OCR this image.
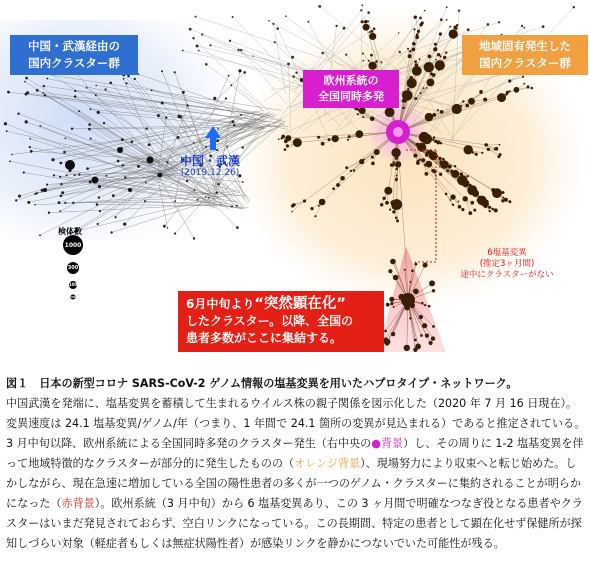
中国・武漢経由の
国内クラスター群
地域固有発生した
国内クラスター群
欧州系統の
全国同時多発
中国・武漢
(2019.12.26)
検体数
1000
300
100
30
6塩基変異
(推定3ヶ月間)
途中にクラスターがない
6月中旬より“突然顕在化”
したクラスター。以降、全国の
患者多数がここに集結する。
図１　日本の新型コロナ SARS-CoV-2 ゲノム情報の塩基変異を用いたハプロタイプ・ネットワーク。
中国武漢を発端に、塩基変異を蓄積して生まれるウイルス株の親子関係を図示化した（2020 年 7 月 16 日現在）。変異速度は 24.1 塩基変異/ゲノム/年（つまり、1 年間で 24.1 箇所の変異が見込まれる）であると推定されている。3 月中旬以降、欧州系統による全国同時多発のクラスター発生（右中央の●背景）し、その周りに 1-2 塩基変異を伴って地域特徴的なクラスターが部分的に発生したものの（オレンジ背景）、現場努力により収束へと転じ始めた。しかしながら、現在急速に増加している全国の陽性患者の多くが一つのゲノム・クラスターに集約されることが明らかになった（赤背景）。欧州系統（3 月中旬）から 6 塩基変異あり、この 3 ヶ月間で明確なつなぎ役となる患者やクラスターはいまだ発見されておらず、空白リンクになっている。この長期間、特定の患者として顕在化せず保健所が探知しづらい対象（軽症者もしくは無症状陽性者）が感染リンクを静かにつないでいた可能性が残る。
